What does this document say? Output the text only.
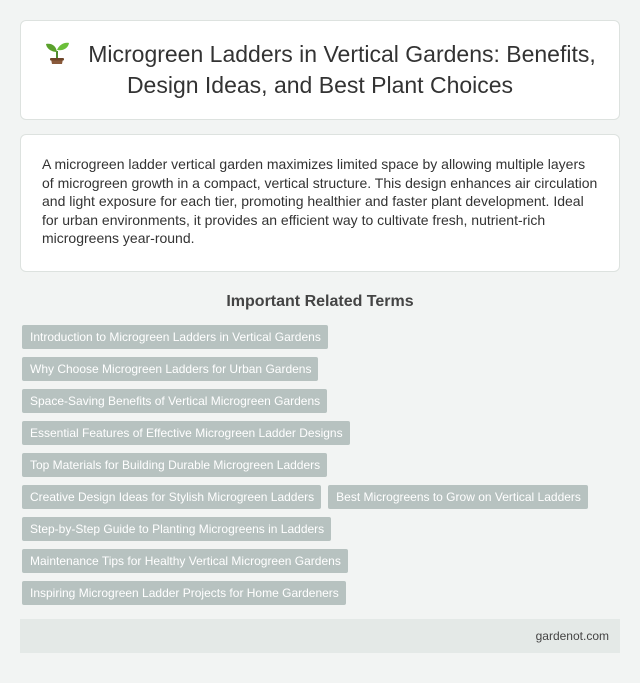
Microgreen Ladders in Vertical Gardens: Benefits, Design Ideas, and Best Plant Choices

A microgreen ladder vertical garden maximizes limited space by allowing multiple layers of microgreen growth in a compact, vertical structure. This design enhances air circulation and light exposure for each tier, promoting healthier and faster plant development. Ideal for urban environments, it provides an efficient way to cultivate fresh, nutrient-rich microgreens year-round.

Important Related Terms
Introduction to Microgreen Ladders in Vertical Gardens
Why Choose Microgreen Ladders for Urban Gardens
Space-Saving Benefits of Vertical Microgreen Gardens
Essential Features of Effective Microgreen Ladder Designs
Top Materials for Building Durable Microgreen Ladders
Creative Design Ideas for Stylish Microgreen Ladders	Best Microgreens to Grow on Vertical Ladders
Step-by-Step Guide to Planting Microgreens in Ladders
Maintenance Tips for Healthy Vertical Microgreen Gardens
Inspiring Microgreen Ladder Projects for Home Gardeners
gardenot.com
